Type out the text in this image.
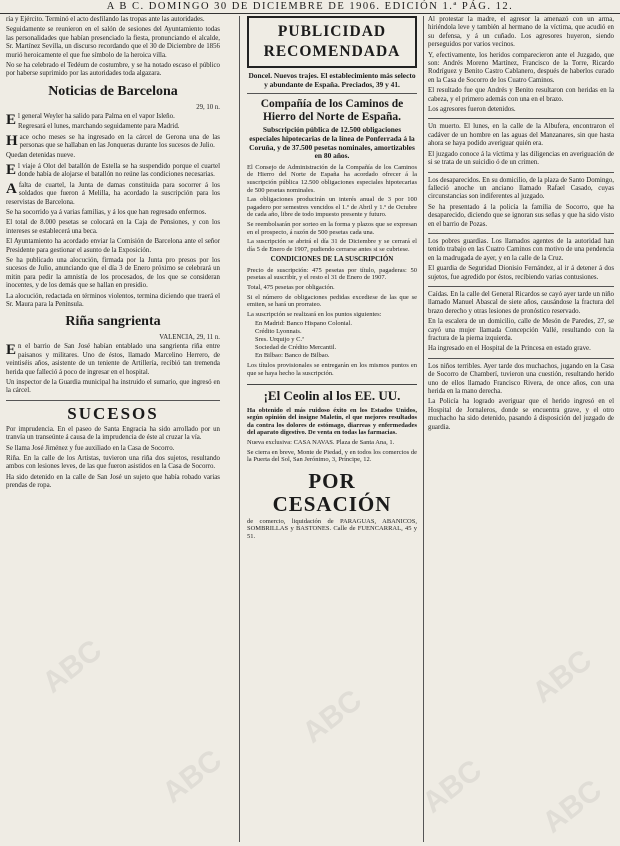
A B C. DOMINGO 30 DE DICIEMBRE DE 1906. EDICIÓN 1.ª PÁG. 12.

ría y Ejército. Terminó el acto desfilando las tropas ante las autoridades.

Seguidamente se reunieron en el salón de sesiones del Ayuntamiento todas las personalidades que habían presenciado la fiesta, pronunciando el alcalde, Sr. Martínez Sevilla, un discurso recordando que el 30 de Diciembre de 1856 murió heroicamente el que fue símbolo de la heroica villa.

No se ha celebrado el Tedéum de costumbre, y se ha notado escaso el público por haberse suprimido por las autoridades toda algazara.

Noticias de Barcelona
29, 10 n.

El general Weyler ha salido para Palma en el vapor Isleño.

Regresará el lunes, marchando seguidamente para Madrid.

Hace ocho meses se ha ingresado en la cárcel de Gerona una de las personas que se hallaban en las Jonqueras durante los sucesos de Julio.

Quedan detenidas nueve.

El viaje á Olot del batallón de Estella se ha suspendido porque el cuartel donde había de alojarse el batallón no reúne las condiciones necesarias.

Afalta de cuartel, la Junta de damas constituida para socorrer á los soldados que fueron á Melilla, ha acordado la suscripción para los reservistas de Barcelona.

Se ha socorrido ya á varias familias, y á los que han regresado enfermos.

El total de 8.000 pesetas se colocará en la Caja de Pensiones, y con los intereses se establecerá una beca.

El Ayuntamiento ha acordado enviar la Comisión de Barcelona ante el señor Presidente para gestionar el asunto de la Exposición.

Se ha publicado una alocución, firmada por la Junta pro presos por los sucesos de Julio, anunciando que el día 3 de Enero próximo se celebrará un mitin para pedir la amnistía de los procesados, de los que se consideran inocentes, y de los demás que se hallan en presidio.

La alocución, redactada en términos violentos, termina diciendo que traerá el Sr. Maura para la Península.

Riña sangrienta
VALENCIA, 29, 11 n.

En el barrio de San José habían entablado una sangrienta riña entre paisanos y militares. Uno de éstos, llamado Marcelino Herrero, de veintiséis años, asistente de un teniente de Artillería, recibió tan tremenda herida que falleció á poco de ingresar en el hospital.

Un inspector de la Guardia municipal ha instruido el sumario, que ingresó en la cárcel.

SUCESOS

Por imprudencia. En el paseo de Santa Engracia ha sido arrollado por un tranvía un transeúnte á causa de la imprudencia de éste al cruzar la vía.

Se llama José Jiménez y fue auxiliado en la Casa de Socorro.

Riña. En la calle de los Artistas, tuvieron una riña dos sujetos, resultando ambos con lesiones leves, de las que fueron asistidos en la Casa de Socorro.

Ha sido detenido en la calle de San José un sujeto que había robado varias prendas de ropa.

PUBLICIDAD RECOMENDADA
Doncel. Nuevos trajes. El establecimiento más selecto y abundante de España. Preciados, 39 y 41.
Compañía de los Caminos de Hierro del Norte de España.
Subscripción pública de 12.500 obligaciones especiales hipotecarias de la línea de Ponferrada á la Coruña, y de 37.500 pesetas nominales, amortizables en 80 años.

El Consejo de Administración de la Compañía de los Caminos de Hierro del Norte de España ha acordado ofrecer á la suscripción pública 12.500 obligaciones especiales hipotecarias de 500 pesetas nominales.

Las obligaciones producirán un interés anual de 3 por 100 pagadero por semestres vencidos el 1.º de Abril y 1.º de Octubre de cada año, libre de todo impuesto presente y futuro.

Se reembolsarán por sorteo en la forma y plazos que se expresan en el prospecto, á razón de 500 pesetas cada una.

La suscripción se abrirá el día 31 de Diciembre y se cerrará el día 5 de Enero de 1907, pudiendo cerrarse antes si se cubriese.

CONDICIONES DE LA SUSCRIPCIÓN

Precio de suscripción: 475 pesetas por título, pagaderas: 50 pesetas al suscribir, y el resto el 31 de Enero de 1907.

Total, 475 pesetas por obligación.

Si el número de obligaciones pedidas excediese de las que se emiten, se hará un prorrateo.

La suscripción se realizará en los puntos siguientes:

En Madrid: Banco Hispano Colonial.
Crédito Lyonnais.
Sres. Urquijo y C.ª
Sociedad de Crédito Mercantil.
En Bilbao: Banco de Bilbao.

Los títulos provisionales se entregarán en los mismos puntos en que se haya hecho la suscripción.

¡El Ceolin al los EE. UU.

Ha obtenido el más ruidoso éxito en los Estados Unidos, según opinión del insigne Maletin, el que mejores resultados da contra los dolores de estómago, diarreas y enfermedades del aparato digestivo. De venta en todas las farmacias.

Nueva exclusiva: CASA NAVAS. Plaza de Santa Ana, 1.

Se cierra en breve, Monte de Piedad, y en todos los comercios de la Puerta del Sol, San Jerónimo, 3, Príncipe, 12.

POR CESACIÓN

de comercio, liquidación de PARAGUAS, ABANICOS, SOMBRILLAS y BASTONES. Calle de FUENCARRAL, 45 y 51.

Al protestar la madre, el agresor la amenazó con un arma, hiriéndola leve y también al hermano de la víctima, que acudió en su defensa, y á un cuñado. Los agresores huyeron, siendo perseguidos por varios vecinos.

Y, efectivamente, los heridos comparecieron ante el Juzgado, que son: Andrés Moreno Martínez, Francisco de la Torre, Ricardo Rodríguez y Benito Castro Cablanero, después de haberlos curado en la Casa de Socorro de los Cuatro Caminos.

El resultado fue que Andrés y Benito resultaron con heridas en la cabeza, y el primero además con una en el brazo.

Los agresores fueron detenidos.

Un muerto. El lunes, en la calle de la Albufera, encontraron el cadáver de un hombre en las aguas del Manzanares, sin que hasta ahora se haya podido averiguar quién era.

El juzgado conoce á la víctima y las diligencias en averiguación de si se trata de un suicidio ó de un crimen.

Los desaparecidos. En su domicilio, de la plaza de Santo Domingo, falleció anoche un anciano llamado Rafael Casado, cuyas circunstancias son indiferentes al juzgado.

Se ha presentado á la policía la familia de Socorro, que ha desaparecido, diciendo que se ignoran sus señas y que ha sido visto en el barrio de Pozas.

Los pobres guardias. Los llamados agentes de la autoridad han tenido trabajo en las Cuatro Caminos con motivo de una pendencia en la madrugada de ayer, y en la calle de la Cruz.

El guardia de Seguridad Dionisio Fernández, al ir á detener á dos sujetos, fue agredido por éstos, recibiendo varias contusiones.

Caídas. En la calle del General Ricardos se cayó ayer tarde un niño llamado Manuel Abascal de siete años, causándose la fractura del brazo derecho y otras lesiones de pronóstico reservado.

En la escalera de un domicilio, calle de Mesón de Paredes, 27, se cayó una mujer llamada Concepción Vallé, resultando con la fractura de la pierna izquierda.

Ha ingresado en el Hospital de la Princesa en estado grave.

Los niños terribles. Ayer tarde dos muchachos, jugando en la Casa de Socorro de Chamberí, tuvieron una cuestión, resultando herido uno de ellos llamado Francisco Rivera, de once años, con una herida en la mano derecha.

La Policía ha logrado averiguar que el herido ingresó en el Hospital de Jornaleros, donde se encuentra grave, y el otro muchacho ha sido detenido, pasando á disposición del juzgado de guardia.

ABC
ABC
ABC
ABC
ABC
ABC
